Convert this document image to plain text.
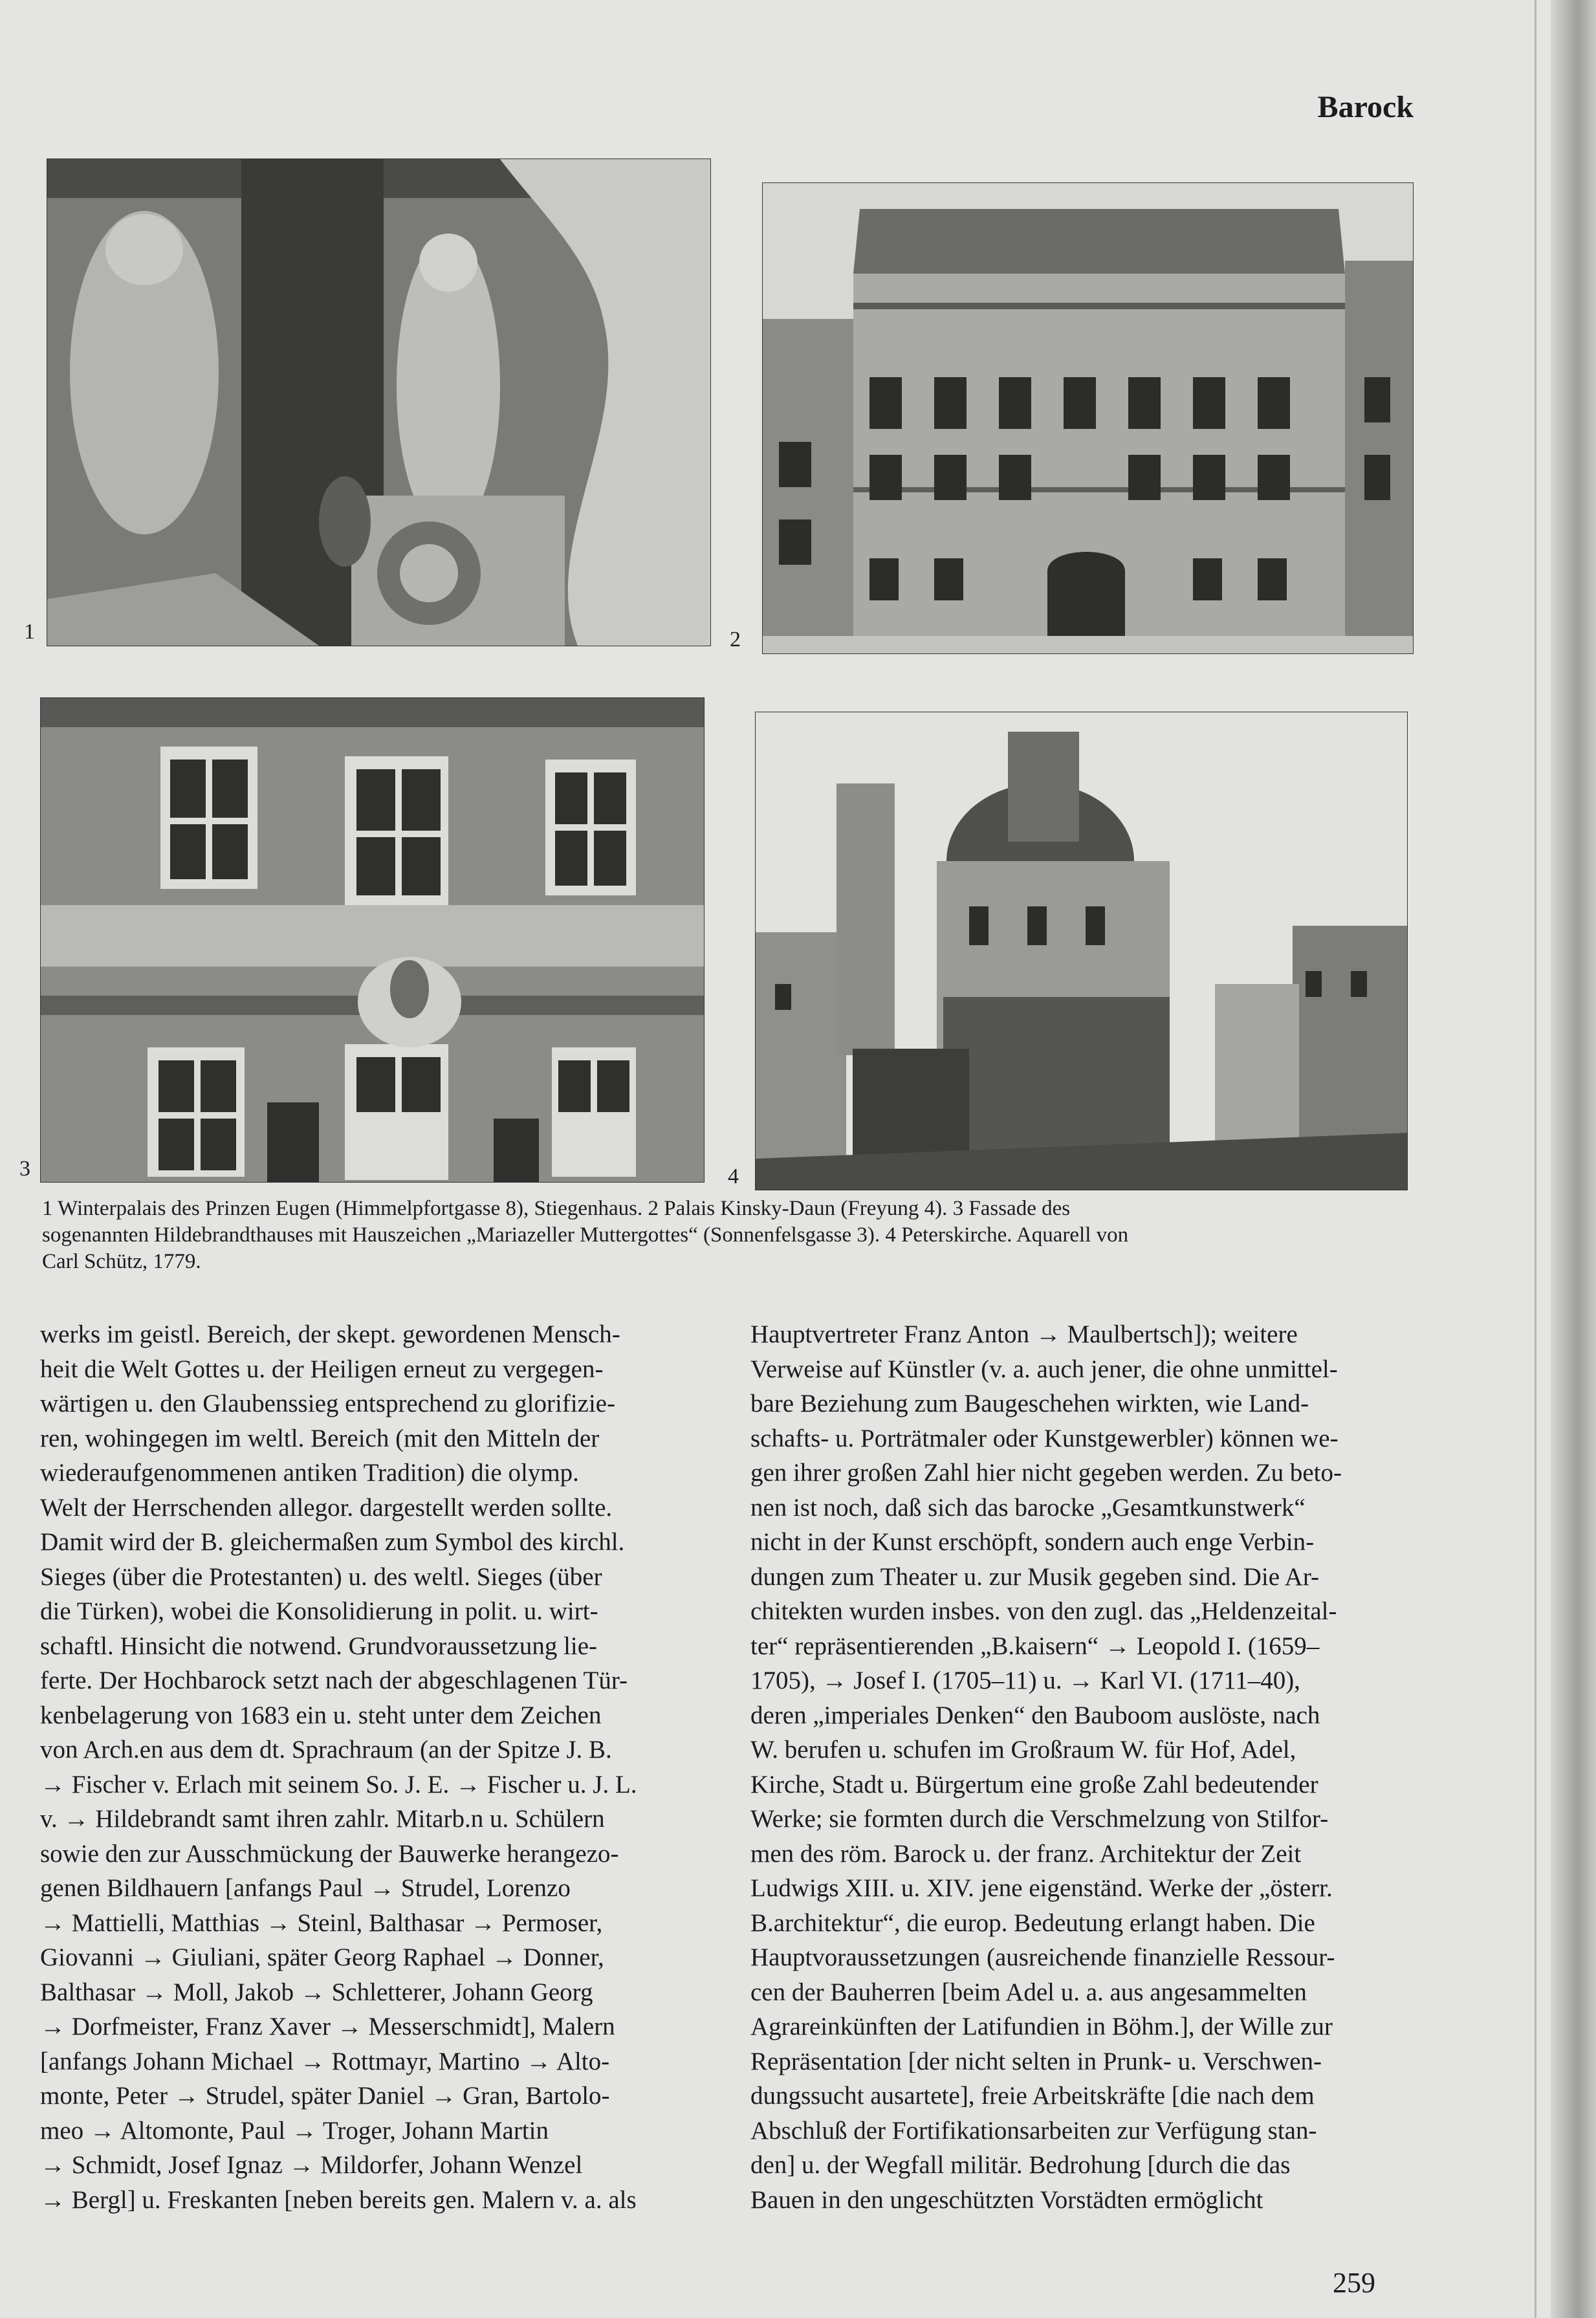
Barock
1	2
3	4

1 Winterpalais des Prinzen Eugen (Himmelpfortgasse 8), Stiegenhaus. 2 Palais Kinsky-Daun (Freyung 4). 3 Fassade des

sogenannten Hildebrandthauses mit Hauszeichen „Mariazeller Muttergottes“ (Sonnenfelsgasse 3). 4 Peterskirche. Aquarell von

Carl Schütz, 1779.

werks im geistl. Bereich, der skept. gewordenen Mensch-

heit die Welt Gottes u. der Heiligen erneut zu vergegen-

wärtigen u. den Glaubenssieg entsprechend zu glorifizie-

ren, wohingegen im weltl. Bereich (mit den Mitteln der

wiederaufgenommenen antiken Tradition) die olymp.

Welt der Herrschenden allegor. dargestellt werden sollte.

Damit wird der B. gleichermaßen zum Symbol des kirchl.

Sieges (über die Protestanten) u. des weltl. Sieges (über

die Türken), wobei die Konsolidierung in polit. u. wirt-

schaftl. Hinsicht die notwend. Grundvoraussetzung lie-

ferte. Der Hochbarock setzt nach der abgeschlagenen Tür-

kenbelagerung von 1683 ein u. steht unter dem Zeichen

von Arch.en aus dem dt. Sprachraum (an der Spitze J. B.

→ Fischer v. Erlach mit seinem So. J. E. → Fischer u. J. L.

v. → Hildebrandt samt ihren zahlr. Mitarb.n u. Schülern

sowie den zur Ausschmückung der Bauwerke herangezo-

genen Bildhauern [anfangs Paul → Strudel, Lorenzo

→ Mattielli, Matthias → Steinl, Balthasar → Permoser,

Giovanni → Giuliani, später Georg Raphael → Donner,

Balthasar → Moll, Jakob → Schletterer, Johann Georg

→ Dorfmeister, Franz Xaver → Messerschmidt], Malern

[anfangs Johann Michael → Rottmayr, Martino → Alto-

monte, Peter → Strudel, später Daniel → Gran, Bartolo-

meo → Altomonte, Paul → Troger, Johann Martin

→ Schmidt, Josef Ignaz → Mildorfer, Johann Wenzel

→ Bergl] u. Freskanten [neben bereits gen. Malern v. a. als

Hauptvertreter Franz Anton → Maulbertsch]); weitere

Verweise auf Künstler (v. a. auch jener, die ohne unmittel-

bare Beziehung zum Baugeschehen wirkten, wie Land-

schafts- u. Porträtmaler oder Kunstgewerbler) können we-

gen ihrer großen Zahl hier nicht gegeben werden. Zu beto-

nen ist noch, daß sich das barocke „Gesamtkunstwerk“

nicht in der Kunst erschöpft, sondern auch enge Verbin-

dungen zum Theater u. zur Musik gegeben sind. Die Ar-

chitekten wurden insbes. von den zugl. das „Heldenzeital-

ter“ repräsentierenden „B.kaisern“ → Leopold I. (1659–

1705), → Josef I. (1705–11) u. → Karl VI. (1711–40),

deren „imperiales Denken“ den Bauboom auslöste, nach

W. berufen u. schufen im Großraum W. für Hof, Adel,

Kirche, Stadt u. Bürgertum eine große Zahl bedeutender

Werke; sie formten durch die Verschmelzung von Stilfor-

men des röm. Barock u. der franz. Architektur der Zeit

Ludwigs XIII. u. XIV. jene eigenständ. Werke der „österr.

B.architektur“, die europ. Bedeutung erlangt haben. Die

Hauptvoraussetzungen (ausreichende finanzielle Ressour-

cen der Bauherren [beim Adel u. a. aus angesammelten

Agrareinkünften der Latifundien in Böhm.], der Wille zur

Repräsentation [der nicht selten in Prunk- u. Verschwen-

dungssucht ausartete], freie Arbeitskräfte [die nach dem

Abschluß der Fortifikationsarbeiten zur Verfügung stan-

den] u. der Wegfall militär. Bedrohung [durch die das

Bauen in den ungeschützten Vorstädten ermöglicht

259
